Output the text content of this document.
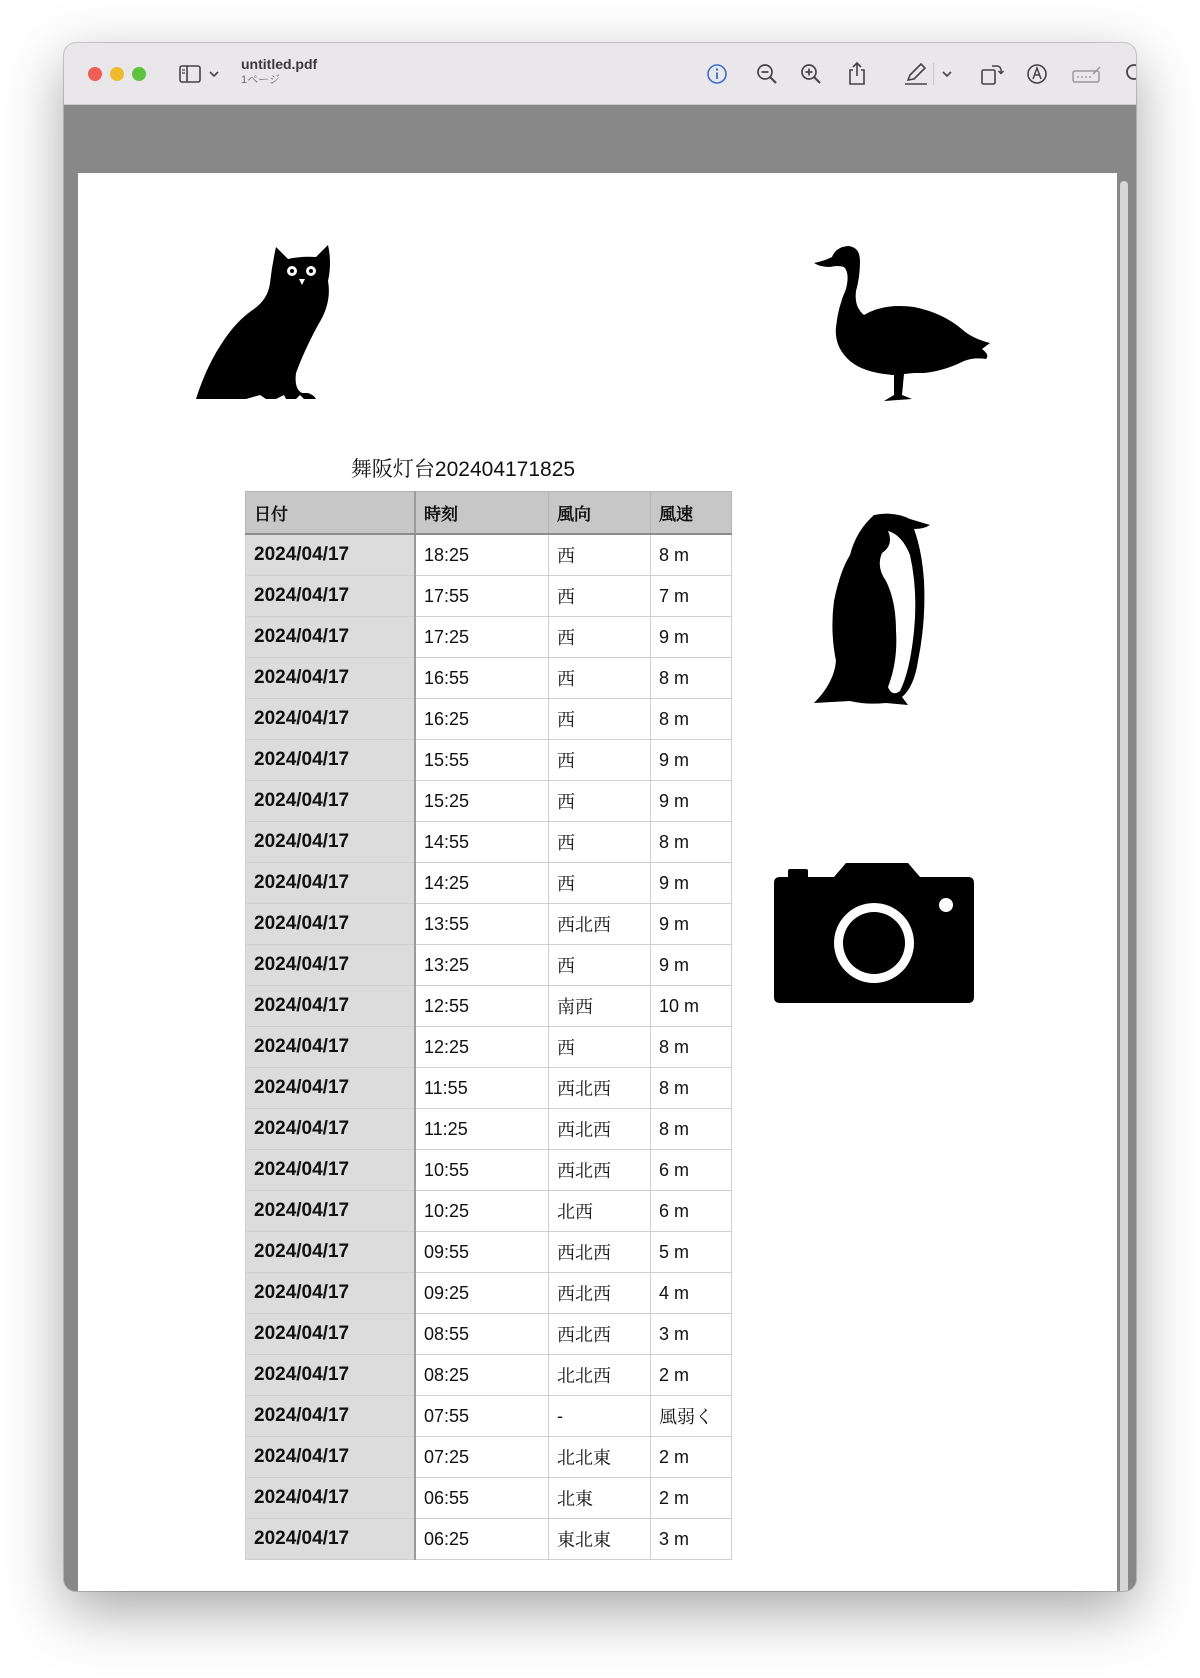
untitled.pdf
1ページ
舞阪灯台202404171825
日付	時刻	風向	風速
2024/04/17	18:25	西	8 m
2024/04/17	17:55	西	7 m
2024/04/17	17:25	西	9 m
2024/04/17	16:55	西	8 m
2024/04/17	16:25	西	8 m
2024/04/17	15:55	西	9 m
2024/04/17	15:25	西	9 m
2024/04/17	14:55	西	8 m
2024/04/17	14:25	西	9 m
2024/04/17	13:55	西北西	9 m
2024/04/17	13:25	西	9 m
2024/04/17	12:55	南西	10 m
2024/04/17	12:25	西	8 m
2024/04/17	11:55	西北西	8 m
2024/04/17	11:25	西北西	8 m
2024/04/17	10:55	西北西	6 m
2024/04/17	10:25	北西	6 m
2024/04/17	09:55	西北西	5 m
2024/04/17	09:25	西北西	4 m
2024/04/17	08:55	西北西	3 m
2024/04/17	08:25	北北西	2 m
2024/04/17	07:55	-	風弱く
2024/04/17	07:25	北北東	2 m
2024/04/17	06:55	北東	2 m
2024/04/17	06:25	東北東	3 m
